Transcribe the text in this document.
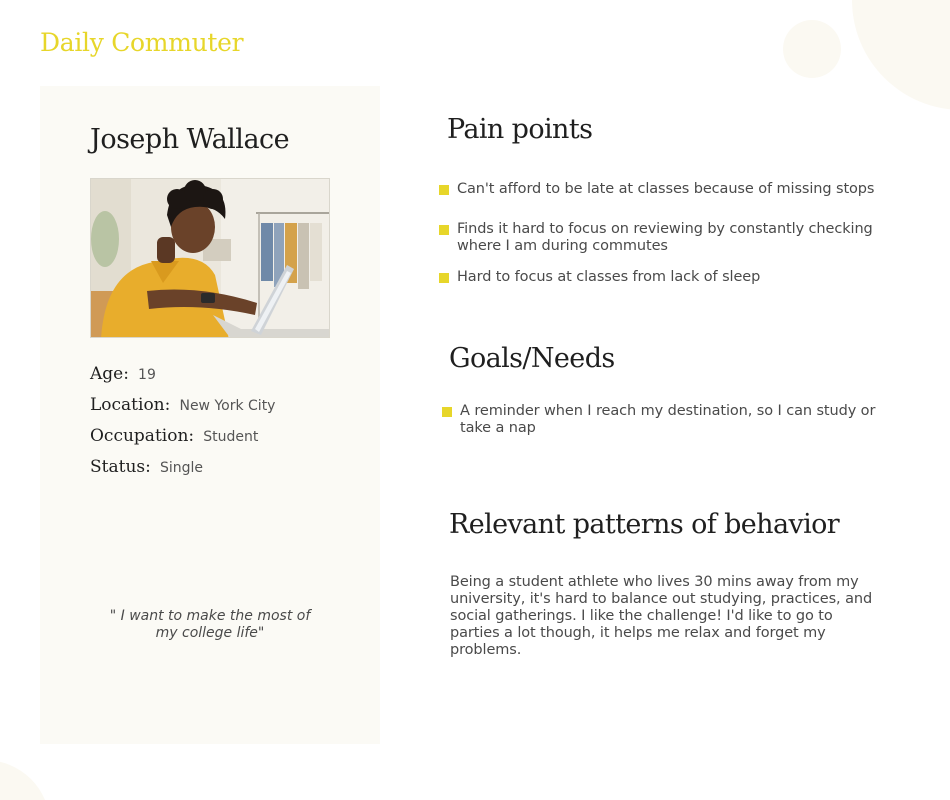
Daily Commuter
Joseph Wallace
Age: 19
Location: New York City
Occupation: Student
Status: Single
" I want to make the most of
my college life"
Pain points
Can't afford to be late at classes because of missing stops
Finds it hard to focus on reviewing by constantly checking
where I am during commutes
Hard to focus at classes from lack of sleep
Goals/Needs
A reminder when I reach my destination, so I can study or
take a nap
Relevant patterns of behavior
Being a student athlete who lives 30 mins away from my
university, it's hard to balance out studying, practices, and
social gatherings. I like the challenge! I'd like to go to
parties a lot though, it helps me relax and forget my
problems.
